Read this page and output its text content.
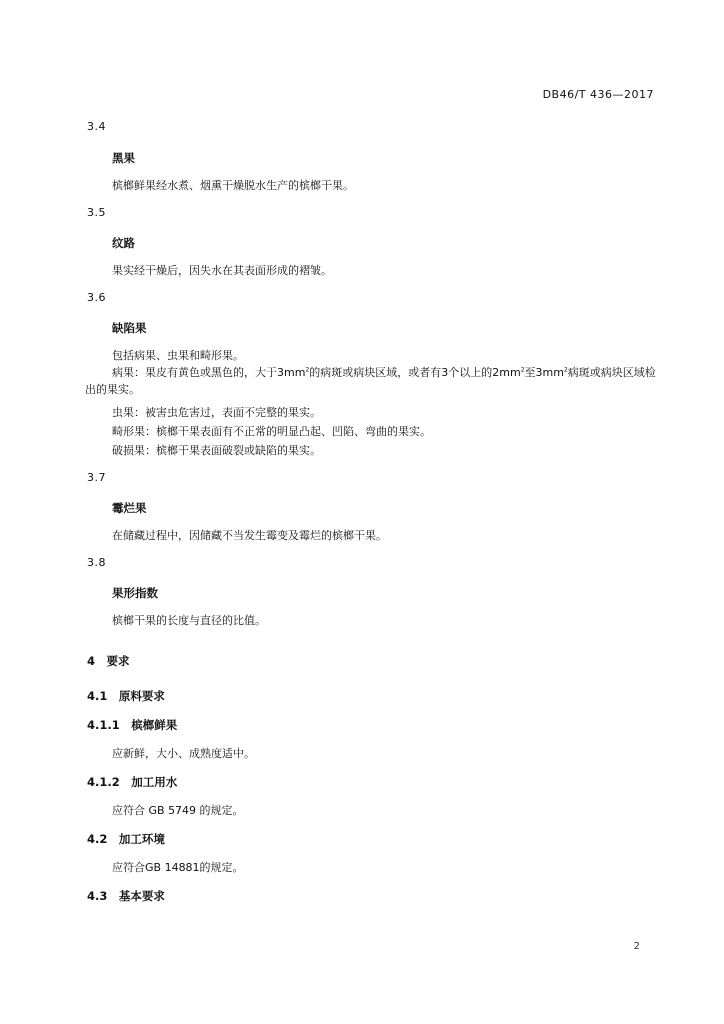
DB46/T 436—2017
3.4
黑果
槟榔鲜果经水煮、烟熏干燥脱水生产的槟榔干果。
3.5
纹路
果实经干燥后，因失水在其表面形成的褶皱。
3.6
缺陷果
包括病果、虫果和畸形果。
病果：果皮有黄色或黑色的，大于$3mm^2$的病斑或病块区域，或者有3个以上的$2mm^2$至$3mm^2$病斑或病块区域检出的果实。
虫果：被害虫危害过，表面不完整的果实。
畸形果：槟榔干果表面有不正常的明显凸起、凹陷、弯曲的果实。
破损果：槟榔干果表面破裂或缺陷的果实。
3.7
霉烂果
在储藏过程中，因储藏不当发生霉变及霉烂的槟榔干果。
3.8
果形指数
槟榔干果的长度与直径的比值。
4　要求
4.1　原料要求
4.1.1　槟榔鲜果
应新鲜，大小、成熟度适中。
4.1.2　加工用水
应符合 GB 5749 的规定。
4.2　加工环境
应符合GB 14881的规定。
4.3　基本要求
2
